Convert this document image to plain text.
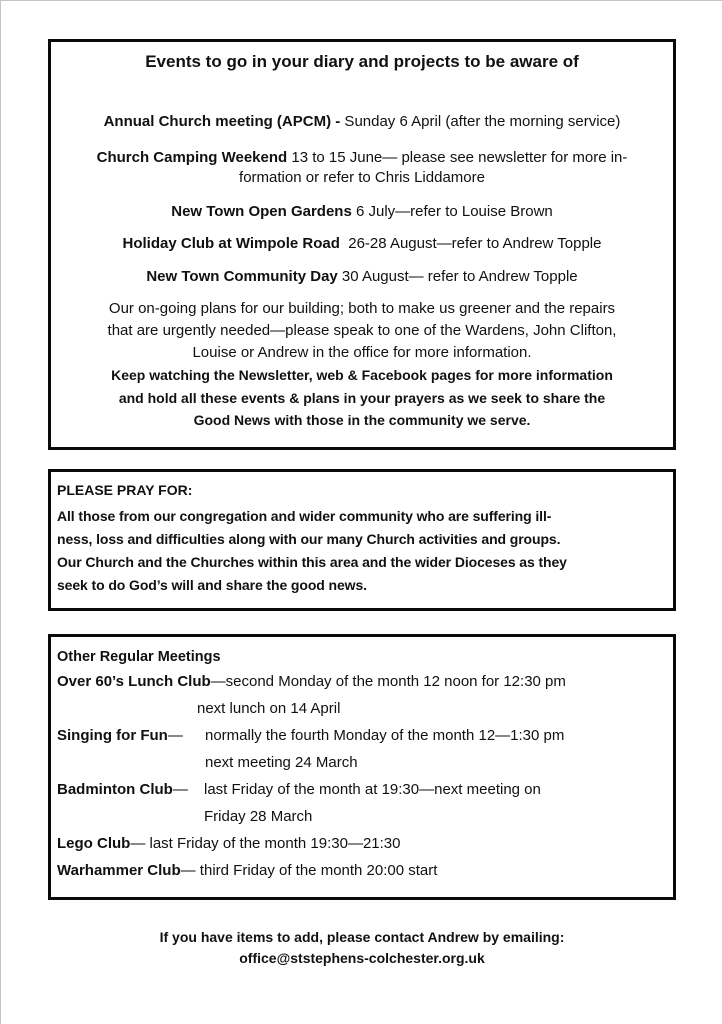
Events to go in your diary and projects to be aware of
Annual Church meeting (APCM) - Sunday 6 April (after the morning service)
Church Camping Weekend 13 to 15 June— please see newsletter for more in-
formation or refer to Chris Liddamore
New Town Open Gardens 6 July—refer to Louise Brown
Holiday Club at Wimpole Road  26-28 August—refer to Andrew Topple
New Town Community Day 30 August— refer to Andrew Topple
Our on-going plans for our building; both to make us greener and the repairs
that are urgently needed—please speak to one of the Wardens, John Clifton,
Louise or Andrew in the office for more information.
Keep watching the Newsletter, web & Facebook pages for more information
and hold all these events & plans in your prayers as we seek to share the
Good News with those in the community we serve.
PLEASE PRAY FOR:
All those from our congregation and wider community who are suffering ill-
ness, loss and difficulties along with our many Church activities and groups.
Our Church and the Churches within this area and the wider Dioceses as they
seek to do God’s will and share the good news.
Other Regular Meetings
Over 60’s Lunch Club—second Monday of the month 12 noon for 12:30 pm
next lunch on 14 April
Singing for Fun— normally the fourth Monday of the month 12—1:30 pm
next meeting 24 March
Badminton Club— last Friday of the month at 19:30—next meeting on
Friday 28 March
Lego Club— last Friday of the month 19:30—21:30
Warhammer Club— third Friday of the month 20:00 start
If you have items to add, please contact Andrew by emailing:
office@ststephens-colchester.org.uk
